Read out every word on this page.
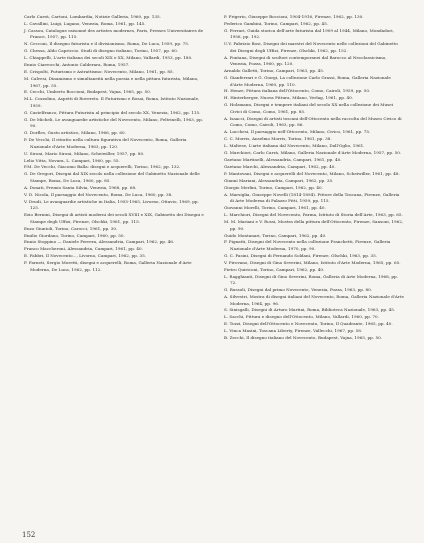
Carlo Carrà, Cartoni, Lombardia, Notizie Galleria, 1960, pp. 135.

L. Cavallini, Luigi, Lugano, Venezia, Roma, 1961, pp. 145.

J. Cassou, Catalogue raisonné des artistes modernes, Paris, Presses Universitaires de France, 1957, pp. 115.

N. Cecconi, Il disegno futurista e il divisionismo, Roma, De Luca, 1959, pp. 75.

G. Chessa, Aldo Capriccio. Studi di disegno italiano, Torino, 1957, pp. 60.

L. Chiappelli, L'arte italiana dei secoli XIX e XX, Milano, Vallardi, 1953, pp. 180.

Ennio Ciarrocchi, Antonio Calderara, Roma, 1957.

E. Crispolti, Futurismo e Astrattismo: Novecento, Milano, 1961, pp. 85.

M. Calvesi, Dinamismo e simultaneità nella poesia e nella pittura futurista, Milano, 1967, pp. 55.

E. Cecchi, Umberto Boccioni, Budapest, Vajna, 1965, pp. 50.

M.L. Cozzolino, Aspetti di Rovereto. Il Futurismo e Rosai, Roma, Istituto Nazionale, 1959.

G. Castelfranco, Pittura Futurista al principio del secolo XX, Venezia, 1962, pp. 115.

G. De Micheli, Le avanguardie artistiche del Novecento, Milano, Feltrinelli, 1963, pp. 90.

G. Dorfles, Gusto artistico, Milano, 1966, pp. 60.

P. De Vecchi, Il ritratto nella cultura figurativa del Novecento, Roma, Galleria Nazionale d'Arte Moderna, 1963, pp. 120.

U. Sironi, Mario Sironi, Milano, Scheiwiller, 1957, pp. 80.

Lelio Vitta, Novara, L. Campari, 1960, pp. 55.

P.M. De Vecchi, Giacomo Balla: disegni e acquerelli, Torino, 1962, pp. 132.

G. De Gregori, Disegni dal XIX secolo nella collezione del Gabinetto Nazionale delle Stampe, Roma, De Luca, 1960, pp. 85.

A. Donati, Premio Santa Silvia, Venezia, 1968, pp. 68.

V. D. Nicola, Il paesaggio del Novecento, Roma, De Luca, 1960, pp. 38.

V. Drudi, Le avanguardie artistiche in Italia, 1955-1965, Livorno, Ottavio, 1969, pp. 125.

Ezio Bernini, Disegni di artisti moderni dei secoli XVIII e XIX, Gabinetto dei Disegni e Stampe degli Uffizi, Firenze, Olschki, 1961, pp. 115.

Enzo Giuntoli, Torino, Carocci, 1961, pp. 30.

Emilio Giordano, Torino, Campari, 1960, pp. 50.

Ennio Stoppino — Daniele Ferrera, Alessandria, Campari, 1962, pp. 46.

Franco Maccheroni, Alessandria, Campari, 1961, pp. 40.

E. Fabbri, Il Novecento..., Livorno, Campari, 1962, pp. 35.

F. Farneti, Sergio Moretti, disegni e acquerelli, Roma, Galleria Nazionale d'Arte Moderna, De Luca, 1962, pp. 112.

P. Frigerio, Giuseppe Boccioni, 1904-1916, Firenze, 1962, pp. 130.

Federico Gambini, Torino, Campari, 1962, pp. 45.

G. Ferrari, Guida storica dell'arte futurista dal 1909 al 1944, Milano, Mondadori, 1956, pp. 192.

U.V. Fabrizio Bosi, Disegni dei maestri del Novecento nelle collezioni del Gabinetto dei Disegni degli Uffizi, Firenze, Olschki, 1962, pp. 152.

A. Fontana, Disegni di scultori contemporanei dal Barocco al Neoclassicismo, Venezia, Pozza, 1960, pp. 120.

Arnaldo Galletti, Torino, Campari, 1963, pp. 45.

G. Gianferrari e G. Giorgi, La collezione Carlo Grassi, Roma, Galleria Nazionale d'Arte Moderna, 1960, pp. 110.

H. Henze, Pittura italiana dell'Ottocento, Como, Cairoli, 1959, pp. 50.

H. Hinterberger, Nuova Pittura, Milano, Verlag, 1961, pp. 40.

G. Holzmann, Disegni e tempere italiani del secolo XX nella collezione dei Musei Civici di Como, Como, 1961, pp. 85.

A. Isaacci, Disegni di artisti toscani dell'Ottocento nella raccolta del Museo Civico di Como, Como, Cairoli, 1963, pp. 86.

A. Lucchesi, Il paesaggio nell'Ottocento, Milano, Civico, 1961, pp. 75.

C. C. Morris, Anselmo Morris, Torino, 1961, pp. 38.

L. Maltese, L'arte italiana dal Novecento, Milano, Dall'Oglio, 1961.

G. Marchiori, Carlo Carrà, Milano, Galleria Nazionale d'Arte Moderna, 1957, pp. 50.

Gaetano Martinelli, Alessandria, Campari, 1961, pp. 40.

Gaetano Marchi, Alessandria, Campari, 1962, pp. 40.

P. Mantovani, Disegni e acquerelli del Novecento, Milano, Scheiwiller, 1961, pp. 48.

Gianni Mariani, Alessandria, Campari, 1962, pp. 35.

Giorgio Merlini, Torino, Campari, 1962, pp. 40.

A. Marsiglia, Giuseppe Novelli (1814-1894). Pittore della Toscana, Firenze, Galleria di Arte Moderna di Palazzo Pitti, 1959, pp. 115.

Giovanni Morelli, Torino, Campari, 1961, pp. 40.

L. Marchiori, Disegni del Novecento, Parma, Istituto di Storia dell'Arte, 1963, pp. 65.

M. M. Mariani e V. Rossi, Mostra della pittura dell'Ottocento, Firenze, Sansoni, 1962, pp. 90.

Guido Montanari, Torino, Campari, 1962, pp. 40.

F. Pignatti, Disegni del Novecento nella collezione Franchetti, Firenze, Galleria Nazionale d'Arte Moderna, 1970, pp. 90.

G. C. Pasini, Disegni di Fernando Soldani, Firenze, Olschki, 1963, pp. 35.

V. Pirovano, Disegni di Gino Severini, Milano, Istituto d'Arte Moderna, 1965, pp. 65.

Pietro Quiriconi, Torino, Campari, 1962, pp. 40.

L. Ragghianti, Disegni di Gino Severini, Roma, Galleria di Arte Moderna, 1968, pp. 72.

G. Russoli, Disegni dal primo Novecento, Venezia, Pozza, 1963, pp. 80.

A. Silvestri, Mostra di disegni italiani del Novecento, Roma, Galleria Nazionale d'Arte Moderna, 1964, pp. 96.

S. Sinisgalli, Disegni di Arturo Martini, Roma, Biblioteca Nazionale, 1963, pp. 45.

L. Sacchi, Pittura e disegno dell'Ottocento, Milano, Vallardi, 1960, pp. 70.

E. Tozzi, Disegni dell'Ottocento e Novecento, Torino, Il Quadrante, 1965, pp. 40.

L. Vinca Masini, Toscana Liberty, Firenze, Vallecchi, 1967, pp. 58.

B. Zecchi, Il disegno italiano del Novecento, Budapest, Vajna, 1965, pp. 50.

152
